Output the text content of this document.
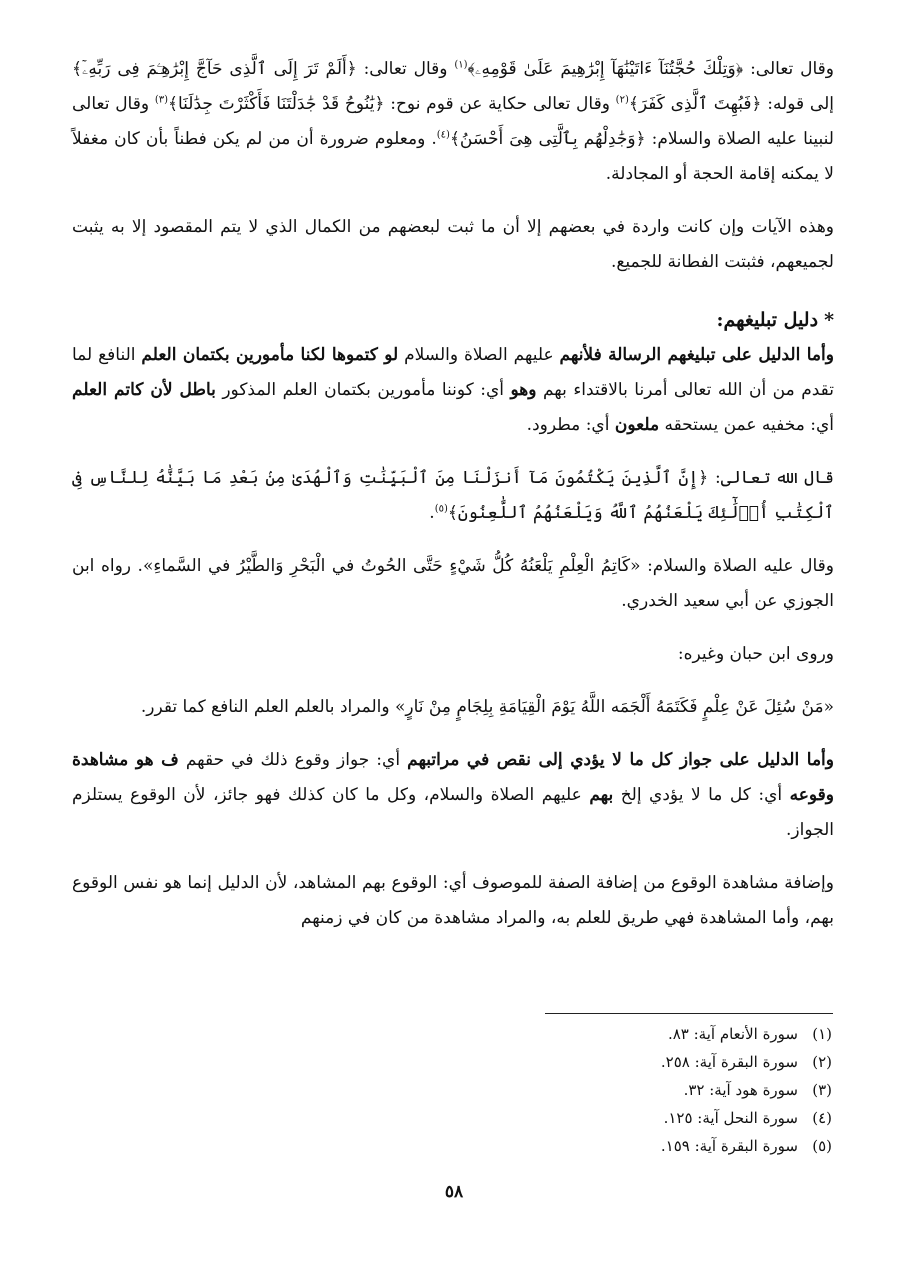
وقال تعالى: ﴿وَتِلْكَ حُجَّتُنَآ ءَاتَيْنَٰهَآ إِبْرَٰهِيمَ عَلَىٰ قَوْمِهِۦ﴾$^{(١)}$ وقال تعالى: ﴿أَلَمْ تَرَ إِلَى ٱلَّذِى حَآجَّ إِبْرَٰهِـۧمَ فِى رَبِّهِۦٓ﴾ إلى قوله: ﴿فَبُهِتَ ٱلَّذِى كَفَرَ﴾$^{(٢)}$ وقال تعالى حكاية عن قوم نوح: ﴿يَٰنُوحُ قَدْ جَٰدَلْتَنَا فَأَكْثَرْتَ جِدَٰلَنَا﴾$^{(٣)}$ وقال تعالى لنبينا عليه الصلاة والسلام: ﴿وَجَٰدِلْهُم بِٱلَّتِى هِىَ أَحْسَنُ﴾$^{(٤)}$. ومعلوم ضرورة أن من لم يكن فطناً بأن كان مغفلاً لا يمكنه إقامة الحجة أو المجادلة.

وهذه الآيات وإن كانت واردة في بعضهم إلا أن ما ثبت لبعضهم من الكمال الذي لا يتم المقصود إلا به يثبت لجميعهم، فثبتت الفطانة للجميع.

*دليل تبليغهم:

وأما الدليل على تبليغهم الرسالة فلأنهم عليهم الصلاة والسلام لو كتموها لكنا مأمورين بكتمان العلم النافع لما تقدم من أن الله تعالى أمرنا بالاقتداء بهم وهو أي: كوننا مأمورين بكتمان العلم المذكور باطل لأن كاتم العلم أي: مخفيه عمن يستحقه ملعون أي: مطرود.

قال الله تعالى: ﴿إِنَّ ٱلَّذِينَ يَكْتُمُونَ مَآ أَنزَلْنَا مِنَ ٱلْبَيِّنَٰتِ وَٱلْهُدَىٰ مِنۢ بَعْدِ مَا بَيَّنَّٰهُ لِلنَّاسِ فِى ٱلْكِتَٰبِ أُو۟لَٰٓئِكَ يَلْعَنُهُمُ ٱللَّهُ وَيَلْعَنُهُمُ ٱللَّٰعِنُونَ﴾$^{(٥)}$.

وقال عليه الصلاة والسلام: «كَاتِمُ الْعِلْمِ يَلْعَنُهُ كُلُّ شَيْءٍ حَتَّى الحُوتُ في الْبَحْرِ وَالطَّيْرُ في السَّماءِ». رواه ابن الجوزي عن أبي سعيد الخدري.

وروى ابن حبان وغيره:

«مَنْ سُئِلَ عَنْ عِلْمٍ فَكَتَمَهُ أَلْجَمَه اللَّهُ يَوْمَ الْقِيَامَةِ بِلِجَامٍ مِنْ نَارٍ» والمراد بالعلم العلم النافع كما تقرر.

وأما الدليل على جواز كل ما لا يؤدي إلى نقص في مراتبهم أي: جواز وقوع ذلك في حقهم ف هو مشاهدة وقوعه أي: كل ما لا يؤدي إلخ بهم عليهم الصلاة والسلام، وكل ما كان كذلك فهو جائز، لأن الوقوع يستلزم الجواز.

وإضافة مشاهدة الوقوع من إضافة الصفة للموصوف أي: الوقوع بهم المشاهد، لأن الدليل إنما هو نفس الوقوع بهم، وأما المشاهدة فهي طريق للعلم به، والمراد مشاهدة من كان في زمنهم

(١)سورة الأنعام آية: ٨٣.
(٢)سورة البقرة آية: ٢٥٨.
(٣)سورة هود آية: ٣٢.
(٤)سورة النحل آية: ١٢٥.
(٥)سورة البقرة آية: ١٥٩.
٥٨
